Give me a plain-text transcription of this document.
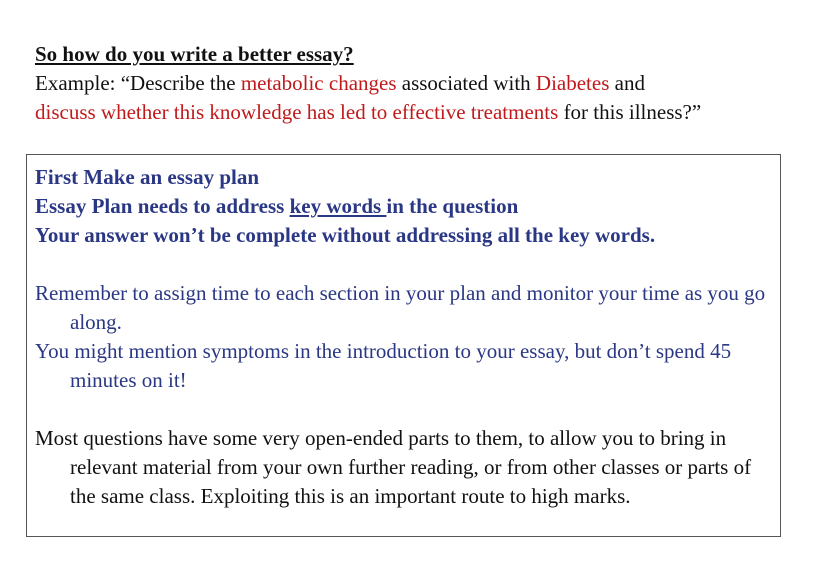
So how do you write a better essay?
Example: “Describe the metabolic changes associated with Diabetes and
discuss whether this knowledge has led to effective treatments for this illness?”

First Make an essay plan

Essay Plan needs to address key words in the question

Your answer won’t be complete without addressing all the key words.

Remember to assign time to each section in your plan and monitor your time as you go along.

You might mention symptoms in the introduction to your essay, but don’t spend 45 minutes on it!

Most questions have some very open-ended parts to them, to allow you to bring in relevant material from your own further reading, or from other classes or parts of the same class. Exploiting this is an important route to high marks.
